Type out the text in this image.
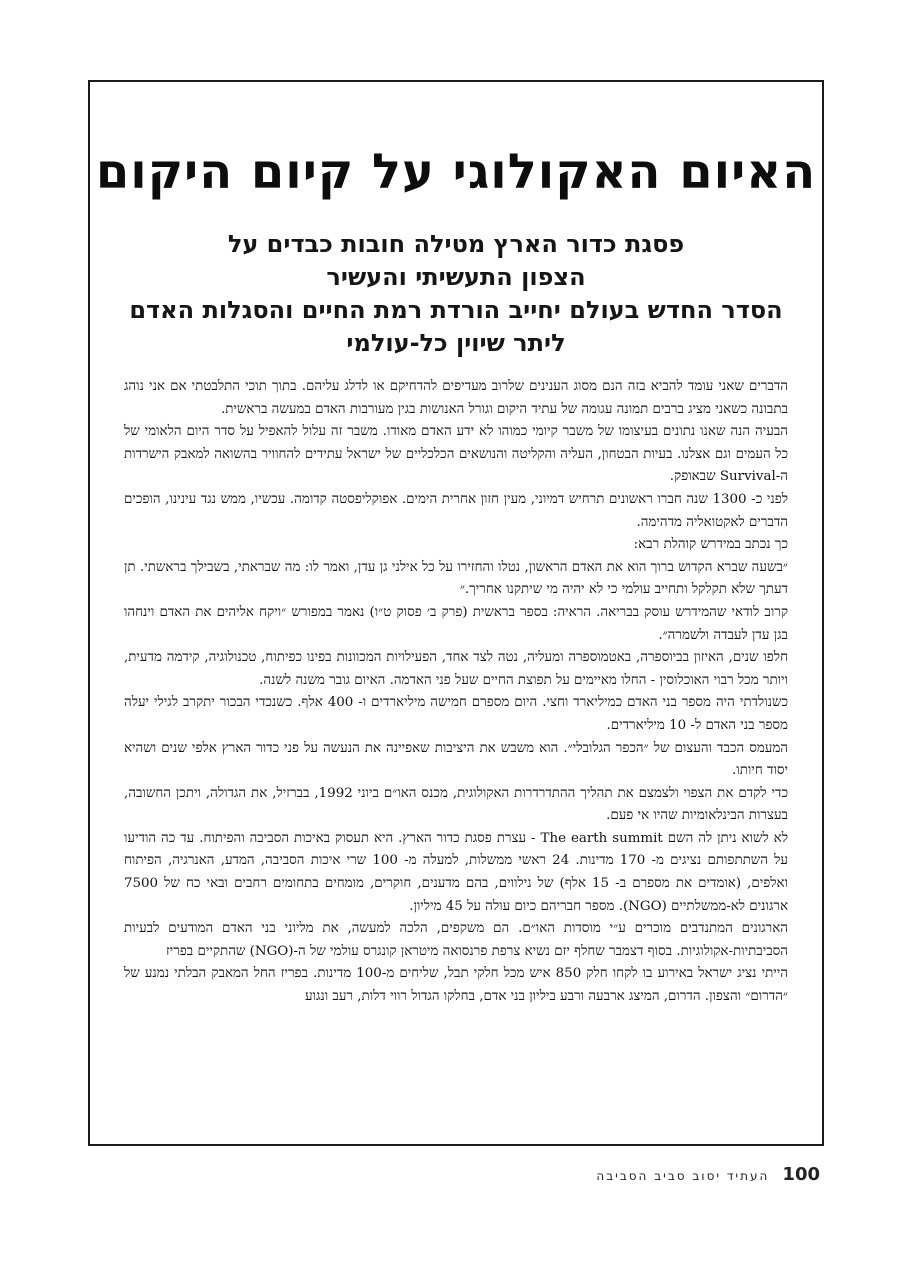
האיום האקולוגי על קיום היקום
פסגת כדור הארץ מטילה חובות כבדים על
הצפון התעשיתי והעשיר
הסדר החדש בעולם יחייב הורדת רמת החיים והסגלות האדם
ליתר שיוין כל-עולמי

הדברים שאני עומד להביא בזה הנם מסוג הענינים שלרוב מעדיפים להדחיקם או לדלג עליהם. בתוך תוכי התלבטתי אם אני נוהג בתבונה כשאני מציג ברבים תמונה עגומה של עתיד היקום וגורל האנושות בגין מעורבות האדם במעשה בראשית.

הבעיה הנה שאנו נתונים בעיצומו של משבר קיומי כמוהו לא ידע האדם מאודו. משבר זה עלול להאפיל על סדר היום הלאומי של כל העמים וגם אצלנו. בעיות הבטחון, העליה והקליטה והנושאים הכלכליים של ישראל עתידים להחוויר בהשואה למאבק הישרדות ה-Survival שבאופק.

לפני כ- 1300 שנה חברו ראשונים תרחיש דמיוני, מעין חזון אחרית הימים. אפוקליפסטה קדומה. עכשיו, ממש נגד עינינו, הופכים הדברים לאקטואליה מדהימה.

כך נכתב במידרש קוהלת רבא:

״בשעה שברא הקדוש ברוך הוא את האדם הראשון, נטלו והחזירו על כל אילני גן עדן, ואמר לו: מה שבראתי, בשבילך בראשתי. תן דעתך שלא תקלקל ותחייב עולמי כי לא יהיה מי שיתקנו אחריך.״

קרוב לודאי שהמידרש עוסק בבריאה. הראיה: בספר בראשית (פרק ב׳ פסוק ט״ו) נאמר במפורש ״ויקח אליהים את האדם וינחהו בגן עדן לעבדה ולשמרה״.

חלפו שנים, האיזון בביוספרה, באטמוספרה ומעליה, נטה לצד אחד, הפעילויות המכוונות בפינו כפיתוח, טכנולוגיה, קידמה מדעית, ויותר מכל רבוי האוכלוסין - החלו מאיימים על תפוצת החיים שעל פני האדמה. האיום גובר משנה לשנה.

כשנולדתי היה מספר בני האדם כמיליארד וחצי. היום מספרם חמישה מיליארדים ו- 400 אלף. כשנכדי הבכור יתקרב לגילי יעלה מספר בני האדם ל- 10 מיליארדים.

המעמס הכבד והעצום של ״הכפר הגלובלי״. הוא משבש את היציבות שאפיינה את הנעשה על פני כדור הארץ אלפי שנים ושהיא יסוד חיותו.

כדי לקדם את הצפוי ולצמצם את תהליך ההתדרדרות האקולוגית, מכנס האו״ם ביוני 1992, בברזיל, את הגדולה, ויתכן החשובה, בעצרות הבינלאומיות שהיו אי פעם.

לא לשוא ניתן לה השם The earth summit - עצרת פסגת כדור הארץ. היא תעסוק באיכות הסביבה והפיתוח. עד כה הודיעו על השתתפותם נציגים מ- 170 מדינות. 24 ראשי ממשלות, למעלה מ- 100 שרי איכות הסביבה, המדע, האנרגיה, הפיתוח ואלפים, (אומדים את מספרם ב- 15 אלף) של נילווים, בהם מדענים, חוקרים, מומחים בתחומים רחבים ובאי כח של 7500 ארגונים לא-ממשלתיים (NGO). מספר חבריהם כיום עולה על 45 מיליון.

הארגונים המתנדבים מוכרים ע״י מוסדות האו״ם. הם משקפים, הלכה למעשה, את מליוני בני האדם המודעים לבעיות הסביבתיות-אקולוגיות. בסוף דצמבר שחלף יזם נשיא צרפת פרנסואה מיטראן קונגרס עולמי של ה-(NGO) שהתקיים בפריז

הייתי נציג ישראל באירוע בו לקחו חלק 850 איש מכל חלקי תבל, שליחים מ-100 מדינות. בפריז החל המאבק הבלתי נמנע של ״הדרום״ והצפון. הדרום, המיצג ארבעה ורבע ביליון בני אדם, בחלקו הגדול רווי דלות, רעב ונגוע

100 העתיד יסוב סביב הסביבה
